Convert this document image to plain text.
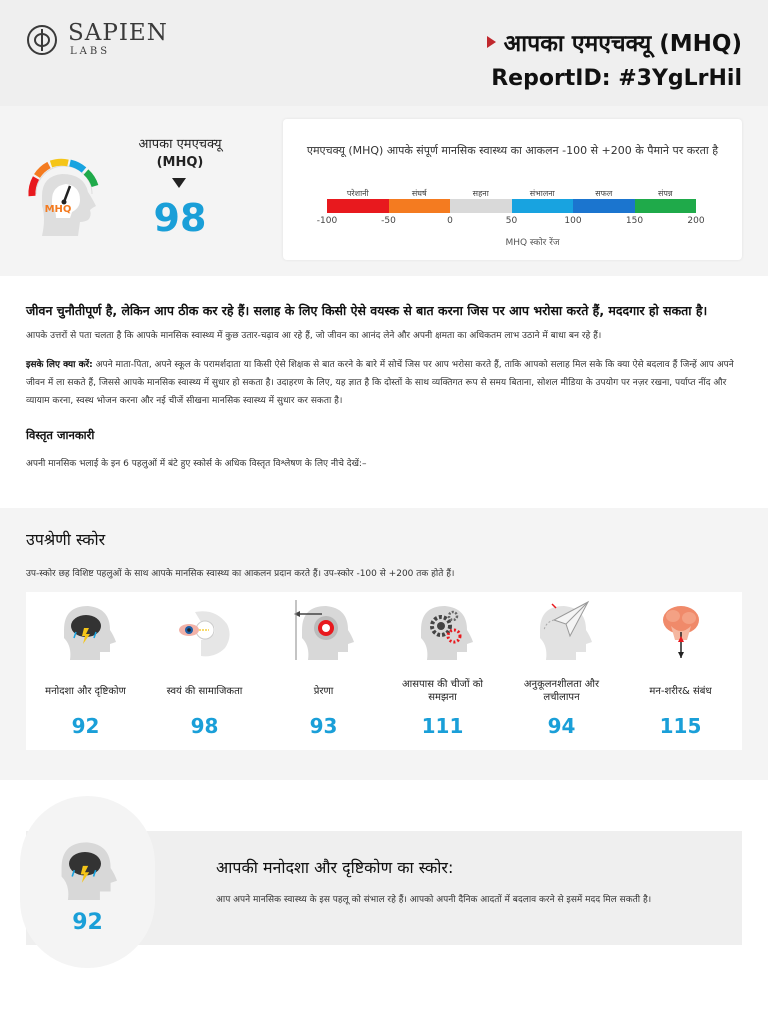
SAPIEN
LABS	आपका एमएचक्यू (MHQ)
ReportID: #3YgLrHil
MHQ
आपका एमएचक्यू
(MHQ)
98
एमएचक्यू (MHQ) आपके संपूर्ण मानसिक स्वास्थ्य का आकलन -100 से +200 के पैमाने पर करता है
परेशानी	संघर्ष	सहना	संभालना	सफल	संपन्न
-100	-50	0	50	100	150	200
MHQ स्कोर रेंज
जीवन चुनौतीपूर्ण है, लेकिन आप ठीक कर रहे हैं। सलाह के लिए किसी ऐसे वयस्क से बात करना जिस पर आप भरोसा करते हैं, मददगार हो सकता है।
आपके उत्तरों से पता चलता है कि आपके मानसिक स्वास्थ्य में कुछ उतार-चढ़ाव आ रहे हैं, जो जीवन का आनंद लेने और अपनी क्षमता का अधिकतम लाभ उठाने में बाधा बन रहे हैं।
इसके लिए क्या करें: अपने माता-पिता, अपने स्कूल के परामर्शदाता या किसी ऐसे शिक्षक से बात करने के बारे में सोचें जिस पर आप भरोसा करते हैं, ताकि आपको सलाह मिल सके कि क्या ऐसे बदलाव हैं जिन्हें आप अपने जीवन में ला सकते हैं, जिससे आपके मानसिक स्वास्थ्य में सुधार हो सकता है। उदाहरण के लिए, यह ज्ञात है कि दोस्तों के साथ व्यक्तिगत रूप से समय बिताना, सोशल मीडिया के उपयोग पर नज़र रखना, पर्याप्त नींद और व्यायाम करना, स्वस्थ भोजन करना और नई चीजें सीखना मानसिक स्वास्थ्य में सुधार कर सकता है।
विस्तृत जानकारी
अपनी मानसिक भलाई के इन 6 पहलुओं में बंटे हुए स्कोर्स के अधिक विस्तृत विश्लेषण के लिए नीचे देखें:–
उपश्रेणी स्कोर
उप-स्कोर छह विशिष्ट पहलुओं के साथ आपके मानसिक स्वास्थ्य का आकलन प्रदान करते हैं। उप-स्कोर -100 से +200 तक होते हैं।
मनोदशा और दृष्टिकोण
92
स्वयं की सामाजिकता
98
प्रेरणा
93
आसपास की चीजों को समझना
111
अनुकूलनशीलता और लचीलापन
94
मन-शरीर& संबंध
115
92
आपकी मनोदशा और दृष्टिकोण का स्कोर:
आप अपने मानसिक स्वास्थ्य के इस पहलू को संभाल रहे हैं। आपको अपनी दैनिक आदतों में बदलाव करने से इसमें मदद मिल सकती है।
